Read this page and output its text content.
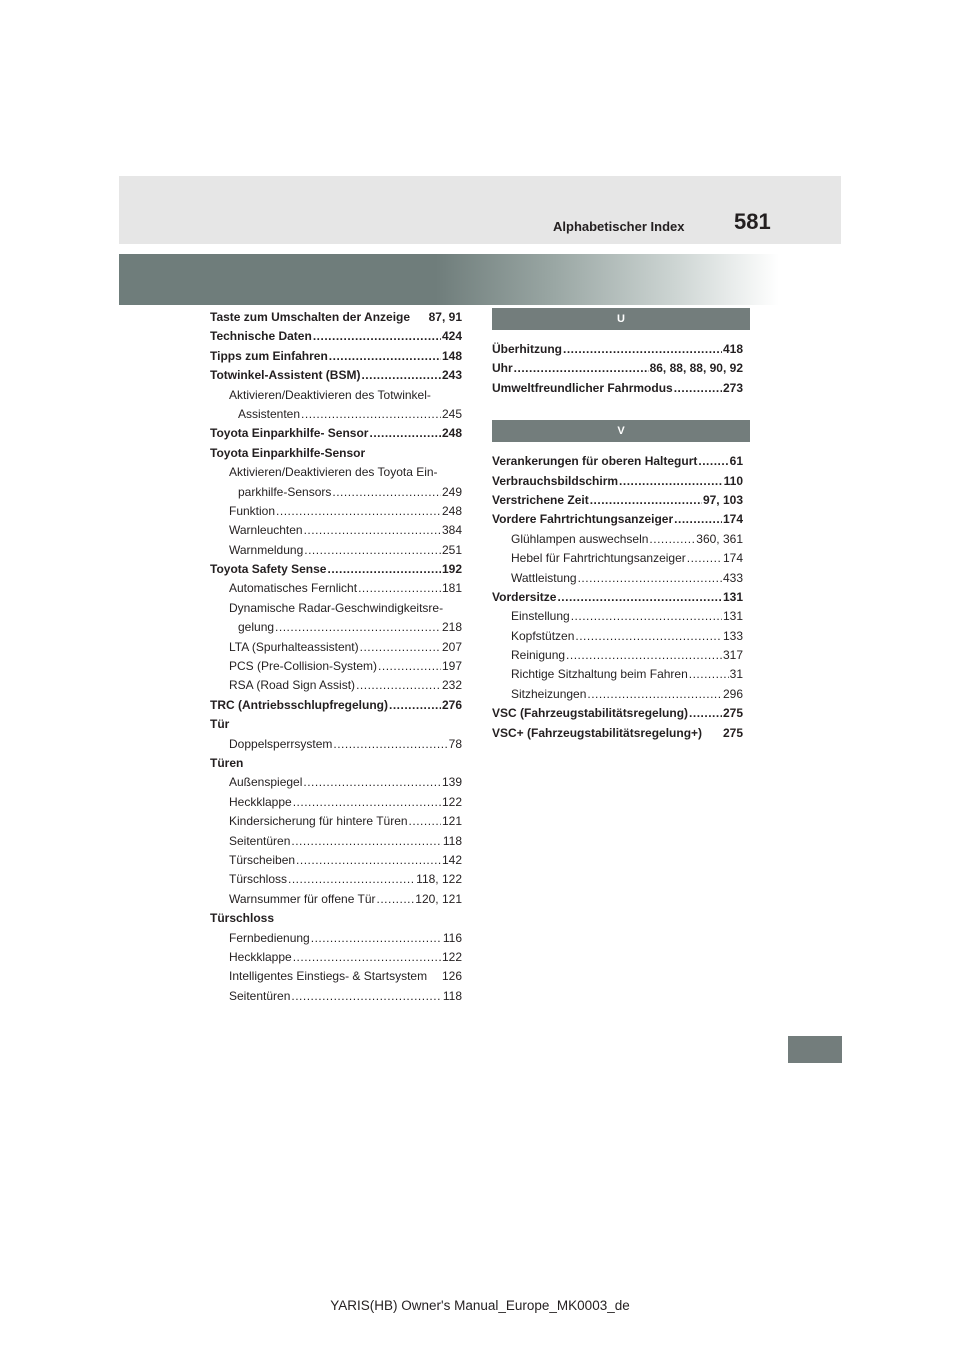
Alphabetischer Index 581
Taste zum Umschalten der Anzeige 87, 91
Technische Daten .....	424
Tipps zum Einfahren .....	148
Totwinkel-Assistent (BSM) .....	243
Aktivieren/Deaktivieren des Totwinkel-
Assistenten .....	245
Toyota Einparkhilfe- Sensor .....	248
Toyota Einparkhilfe-Sensor
Aktivieren/Deaktivieren des Toyota Ein-
parkhilfe-Sensors .....	249
Funktion .....	248
Warnleuchten .....	384
Warnmeldung .....	251
Toyota Safety Sense .....	192
Automatisches Fernlicht .....	181
Dynamische Radar-Geschwindigkeitsre-
gelung .....	218
LTA (Spurhalteassistent) .....	207
PCS (Pre-Collision-System) .....	197
RSA (Road Sign Assist) .....	232
TRC (Antriebsschlupfregelung) .....	276
Tür
Doppelsperrsystem .....	78
Türen
Außenspiegel .....	139
Heckklappe .....	122
Kindersicherung für hintere Türen .....	121
Seitentüren .....	118
Türscheiben .....	142
Türschloss .....	118, 122
Warnsummer für offene Tür .....	120, 121
Türschloss
Fernbedienung .....	116
Heckklappe .....	122
Intelligentes Einstiegs- & Startsystem 126
Seitentüren .....	118
U
Überhitzung .....	418
Uhr .....	86, 88, 88, 90, 92
Umweltfreundlicher Fahrmodus .....	273
V
Verankerungen für oberen Haltegurt .....	61
Verbrauchsbildschirm .....	110
Verstrichene Zeit .....	97, 103
Vordere Fahrtrichtungsanzeiger .....	174
Glühlampen auswechseln .....	360, 361
Hebel für Fahrtrichtungsanzeiger .....	174
Wattleistung .....	433
Vordersitze .....	131
Einstellung .....	131
Kopfstützen .....	133
Reinigung .....	317
Richtige Sitzhaltung beim Fahren .....	31
Sitzheizungen .....	296
VSC (Fahrzeugstabilitätsregelung) .....	275
VSC+ (Fahrzeugstabilitätsregelung+) 275
YARIS(HB) Owner's Manual_Europe_MK0003_de
